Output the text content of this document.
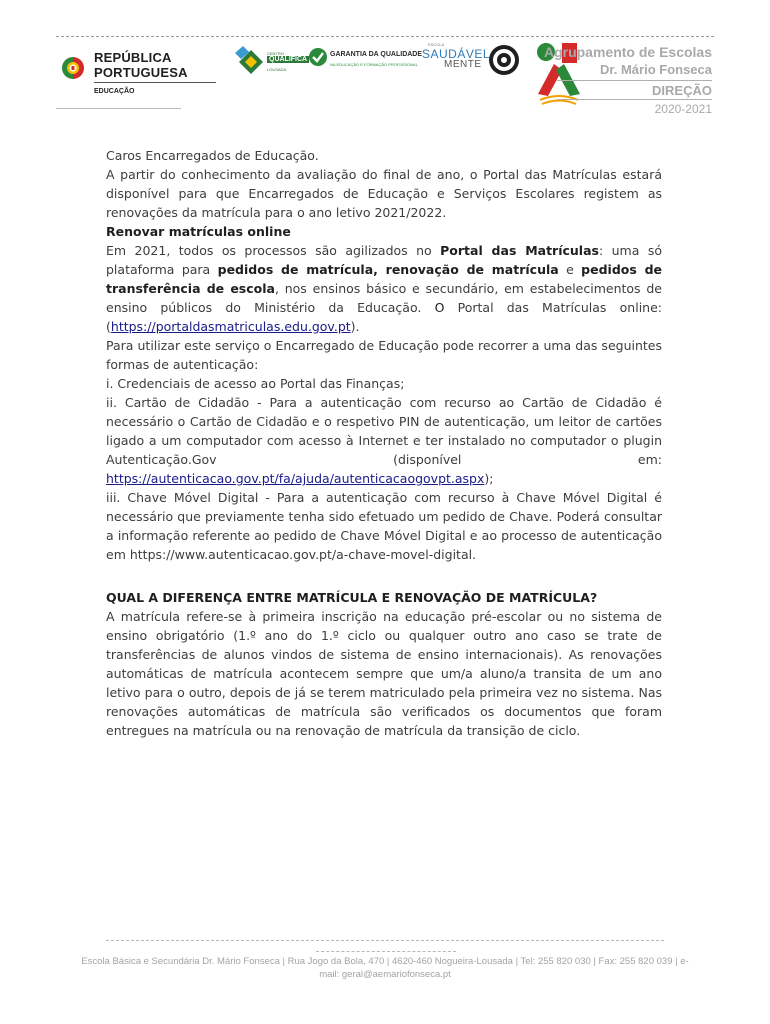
REPÚBLICA
PORTUGUESA
EDUCAÇÃO
CENTRO
QUALIFICA
LOUSADA
GARANTIA DA QUALIDADE
NA EDUCAÇÃO E FORMAÇÃO PROFISSIONAL
ESCOLA
SAUDÁVEL
MENTE
Agrupamento de Escolas
Dr. Mário Fonseca
DIREÇÃO
2020-2021

Caros Encarregados de Educação.

A partir do conhecimento da avaliação do final de ano, o Portal das Matrículas estará disponível para que Encarregados de Educação e Serviços Escolares registem as renovações da matrícula para o ano letivo 2021/2022.

Renovar matrículas online

Em 2021, todos os processos são agilizados no Portal das Matrículas: uma só plataforma para pedidos de matrícula, renovação de matrícula e pedidos de transferência de escola, nos ensinos básico e secundário, em estabelecimentos de ensino públicos do Ministério da Educação. O Portal das Matrículas online: (https://portaldasmatriculas.edu.gov.pt).

Para utilizar este serviço o Encarregado de Educação pode recorrer a uma das seguintes formas de autenticação:

i. Credenciais de acesso ao Portal das Finanças;

ii. Cartão de Cidadão - Para a autenticação com recurso ao Cartão de Cidadão é necessário o Cartão de Cidadão e o respetivo PIN de autenticação, um leitor de cartões ligado a um computador com acesso à Internet e ter instalado no computador o plugin Autenticação.Gov (disponível em:
https://autenticacao.gov.pt/fa/ajuda/autenticacaogovpt.aspx);

iii. Chave Móvel Digital - Para a autenticação com recurso à Chave Móvel Digital é necessário que previamente tenha sido efetuado um pedido de Chave. Poderá consultar a informação referente ao pedido de Chave Móvel Digital e ao processo de autenticação em https://www.autenticacao.gov.pt/a-chave-movel-digital.

QUAL A DIFERENÇA ENTRE MATRÍCULA E RENOVAÇÃO DE MATRÍCULA?

A matrícula refere-se à primeira inscrição na educação pré-escolar ou no sistema de ensino obrigatório (1.º ano do 1.º ciclo ou qualquer outro ano caso se trate de transferências de alunos vindos de sistema de ensino internacionais). As renovações automáticas de matrícula acontecem sempre que um/a aluno/a transita de um ano letivo para o outro, depois de já se terem matriculado pela primeira vez no sistema. Nas renovações automáticas de matrícula são verificados os documentos que foram entregues na matrícula ou na renovação de matrícula da transição de ciclo.

Escola Básica e Secundária Dr. Mário Fonseca | Rua Jogo da Bola, 470 | 4620-460 Nogueira-Lousada | Tel: 255 820 030 | Fax: 255 820 039 | e-mail: geral@aemariofonseca.pt
